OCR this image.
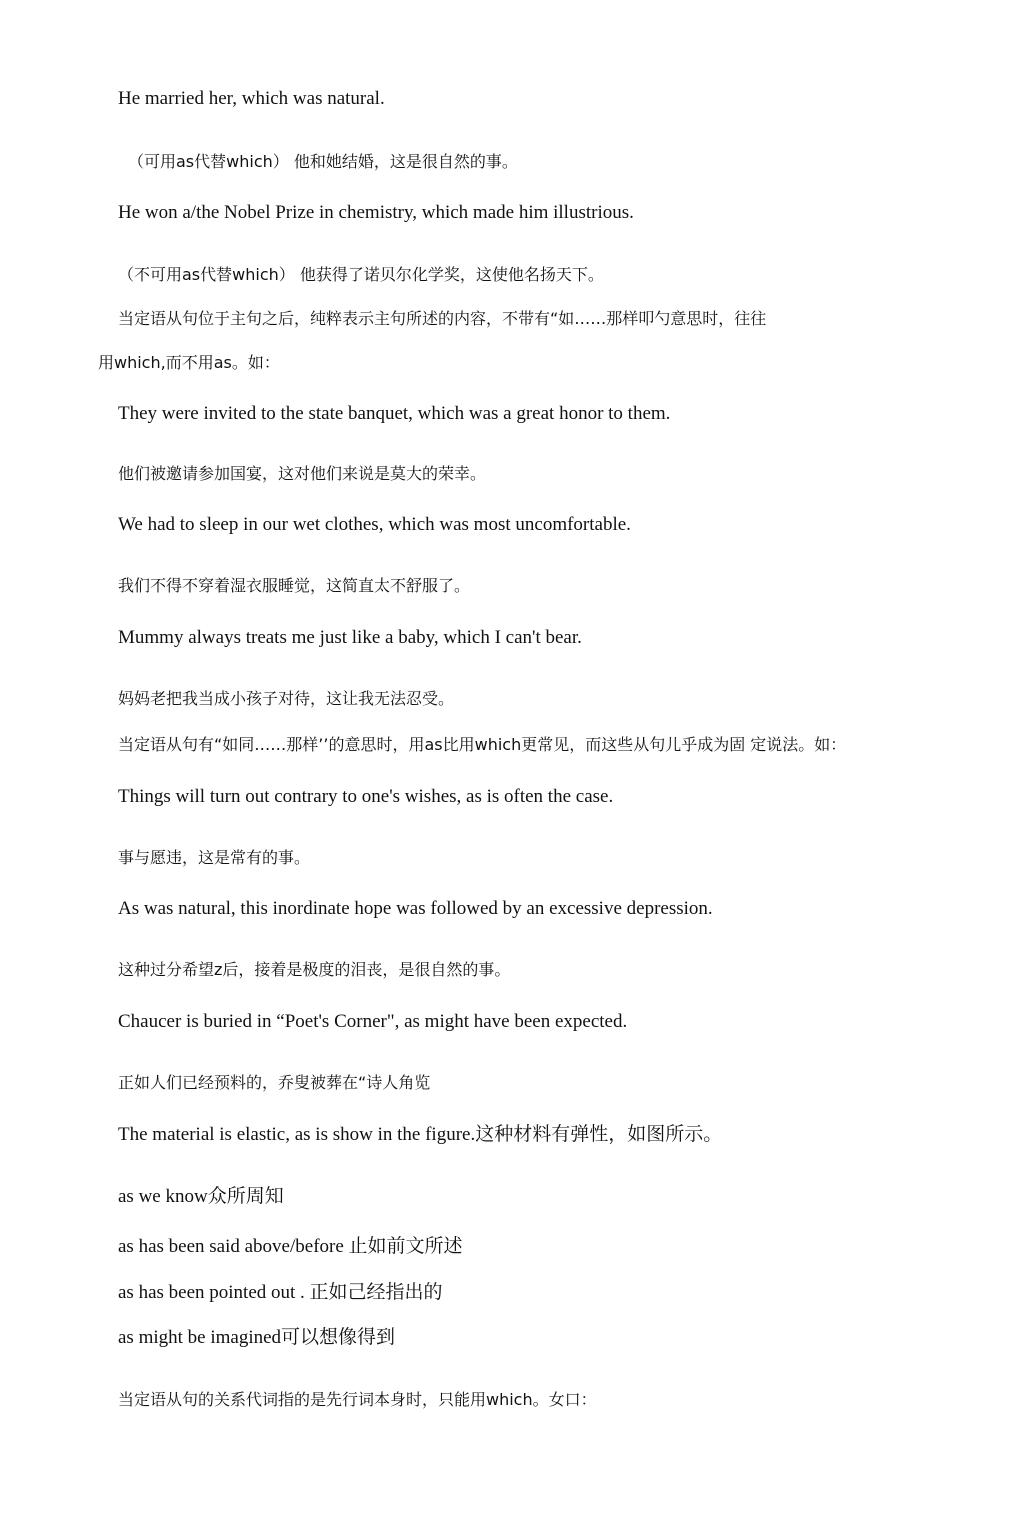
He married her, which was natural.
（可用as代替which） 他和她结婚，这是很自然的事。
He won a/the Nobel Prize in chemistry, which made him illustrious.
（不可用as代替which） 他获得了诺贝尔化学奖，这使他名扬天下。
当定语从句位于主句之后，纯粹表示主句所述的内容，不带有“如……那样叩勺意思时，往往
用which,而不用as。如：
They were invited to the state banquet, which was a great honor to them.
他们被邀请参加国宴，这对他们来说是莫大的荣幸。
We had to sleep in our wet clothes, which was most uncomfortable.
我们不得不穿着湿衣服睡觉，这简直太不舒服了。
Mummy always treats me just like a baby, which I can't bear.
妈妈老把我当成小孩子对待，这让我无法忍受。
当定语从句有“如同……那样’’的意思时，用as比用which更常见，而这些从句儿乎成为固 定说法。如：
Things will turn out contrary to one's wishes, as is often the case.
事与愿违，这是常有的事。
As was natural, this inordinate hope was followed by an excessive depression.
这种过分希望z后，接着是极度的泪丧，是很自然的事。
Chaucer is buried in “Poet's Corner", as might have been expected.
正如人们已经预料的，乔叟被葬在“诗人角览
The material is elastic, as is show in the figure.这种材料有弹性，如图所示。
as we know众所周知
as has been said above/before 止如前文所述
as has been pointed out . 正如己经指出的
as might be imagined可以想像得到
当定语从句的关系代词指的是先行词本身时，只能用which。女口：
